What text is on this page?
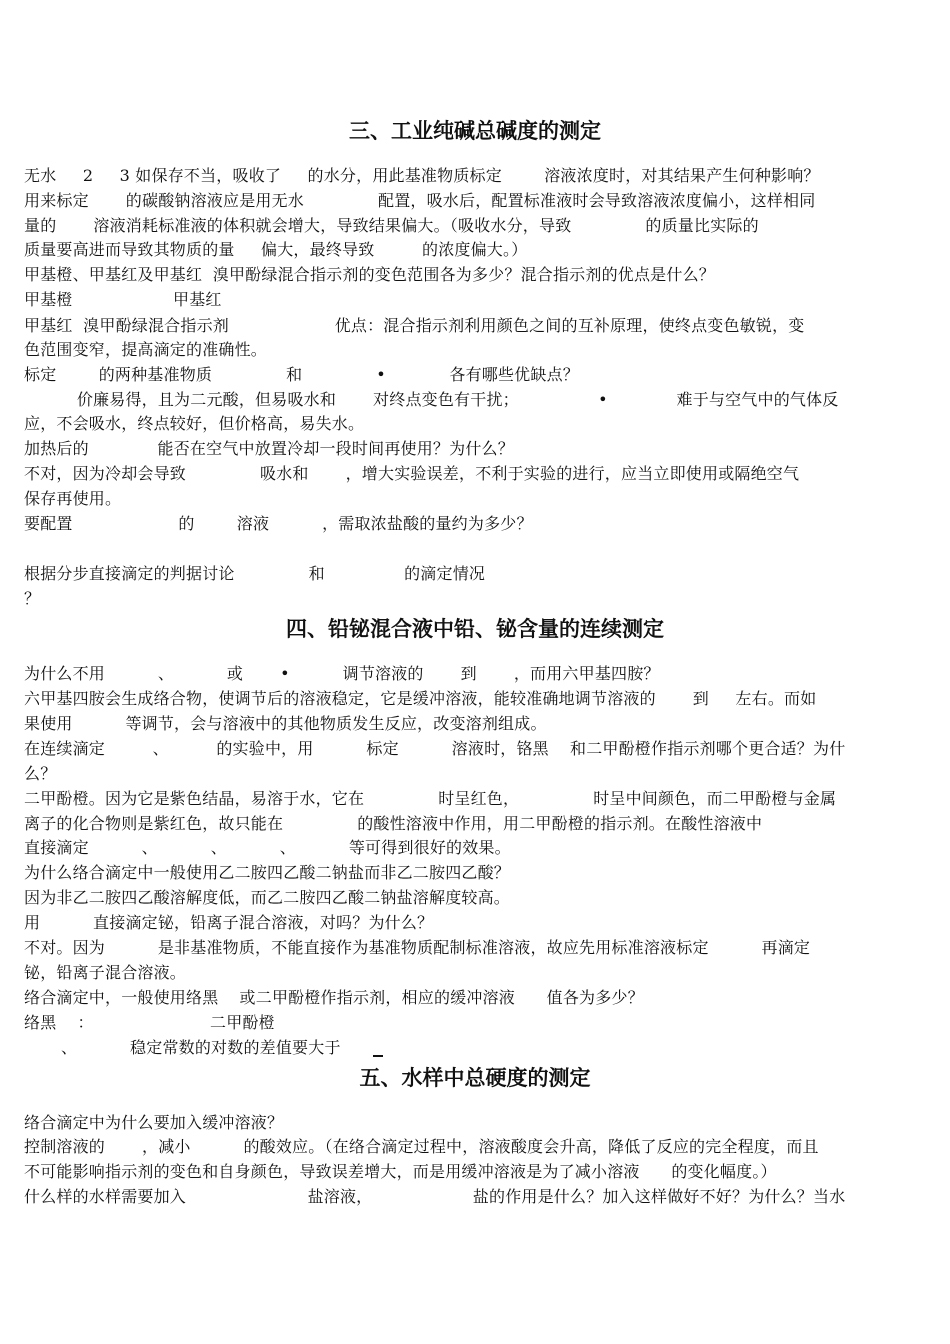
三、工业纯碱总碱度的测定
无水     2     3 如保存不当，吸收了     的水分，用此基准物质标定        溶液浓度时，对其结果产生何种影响？
用来标定       的碳酸钠溶液应是用无水              配置，吸水后，配置标准液时会导致溶液浓度偏小，这样相同
量的       溶液消耗标准液的体积就会增大，导致结果偏大。（吸收水分，导致              的质量比实际的
质量要高进而导致其物质的量     偏大，最终导致         的浓度偏大。）
甲基橙、甲基红及甲基红  溴甲酚绿混合指示剂的变色范围各为多少？混合指示剂的优点是什么？
甲基橙                   甲基红
甲基红  溴甲酚绿混合指示剂                    优点：混合指示剂利用颜色之间的互补原理，使终点变色敏锐，变
色范围变窄，提高滴定的准确性。
标定        的两种基准物质              和              •            各有哪些优缺点？
价廉易得，且为二元酸，但易吸水和       对终点变色有干扰；               •             难于与空气中的气体反
应，不会吸水，终点较好，但价格高，易失水。
加热后的             能否在空气中放置冷却一段时间再使用？为什么？
不对，因为冷却会导致              吸水和       ，增大实验误差，不利于实验的进行，应当立即使用或隔绝空气
保存再使用。
要配置                    的        溶液          ，需取浓盐酸的量约为多少？
根据分步直接滴定的判据讨论              和               的滴定情况
？
四、铅铋混合液中铅、铋含量的连续测定
为什么不用          、          或       •          调节溶液的       到       ，而用六甲基四胺？
六甲基四胺会生成络合物，使调节后的溶液稳定，它是缓冲溶液，能较准确地调节溶液的       到     左右。而如
果使用          等调节，会与溶液中的其他物质发生反应，改变溶剂组成。
在连续滴定         、         的实验中，用          标定          溶液时，铬黑    和二甲酚橙作指示剂哪个更合适？为什
么？
二甲酚橙。因为它是紫色结晶，易溶于水，它在              时呈红色，              时呈中间颜色，而二甲酚橙与金属
离子的化合物则是紫红色，故只能在              的酸性溶液中作用，用二甲酚橙的指示剂。在酸性溶液中
直接滴定          、          、          、          等可得到很好的效果。
为什么络合滴定中一般使用乙二胺四乙酸二钠盐而非乙二胺四乙酸？
因为非乙二胺四乙酸溶解度低，而乙二胺四乙酸二钠盐溶解度较高。
用          直接滴定铋，铅离子混合溶液，对吗？为什么？
不对。因为          是非基准物质，不能直接作为基准物质配制标准溶液，故应先用标准溶液标定          再滴定
铋，铅离子混合溶液。
络合滴定中，一般使用络黑    或二甲酚橙作指示剂，相应的缓冲溶液      值各为多少？
络黑    ：                      二甲酚橙
、          稳定常数的对数的差值要大于
五、水样中总硬度的测定
络合滴定中为什么要加入缓冲溶液？
控制溶液的       ，减小          的酸效应。（在络合滴定过程中，溶液酸度会升高，降低了反应的完全程度，而且
不可能影响指示剂的变色和自身颜色，导致误差增大，而是用缓冲溶液是为了减小溶液      的变化幅度。）
什么样的水样需要加入                       盐溶液，                   盐的作用是什么？加入这样做好不好？为什么？当水
